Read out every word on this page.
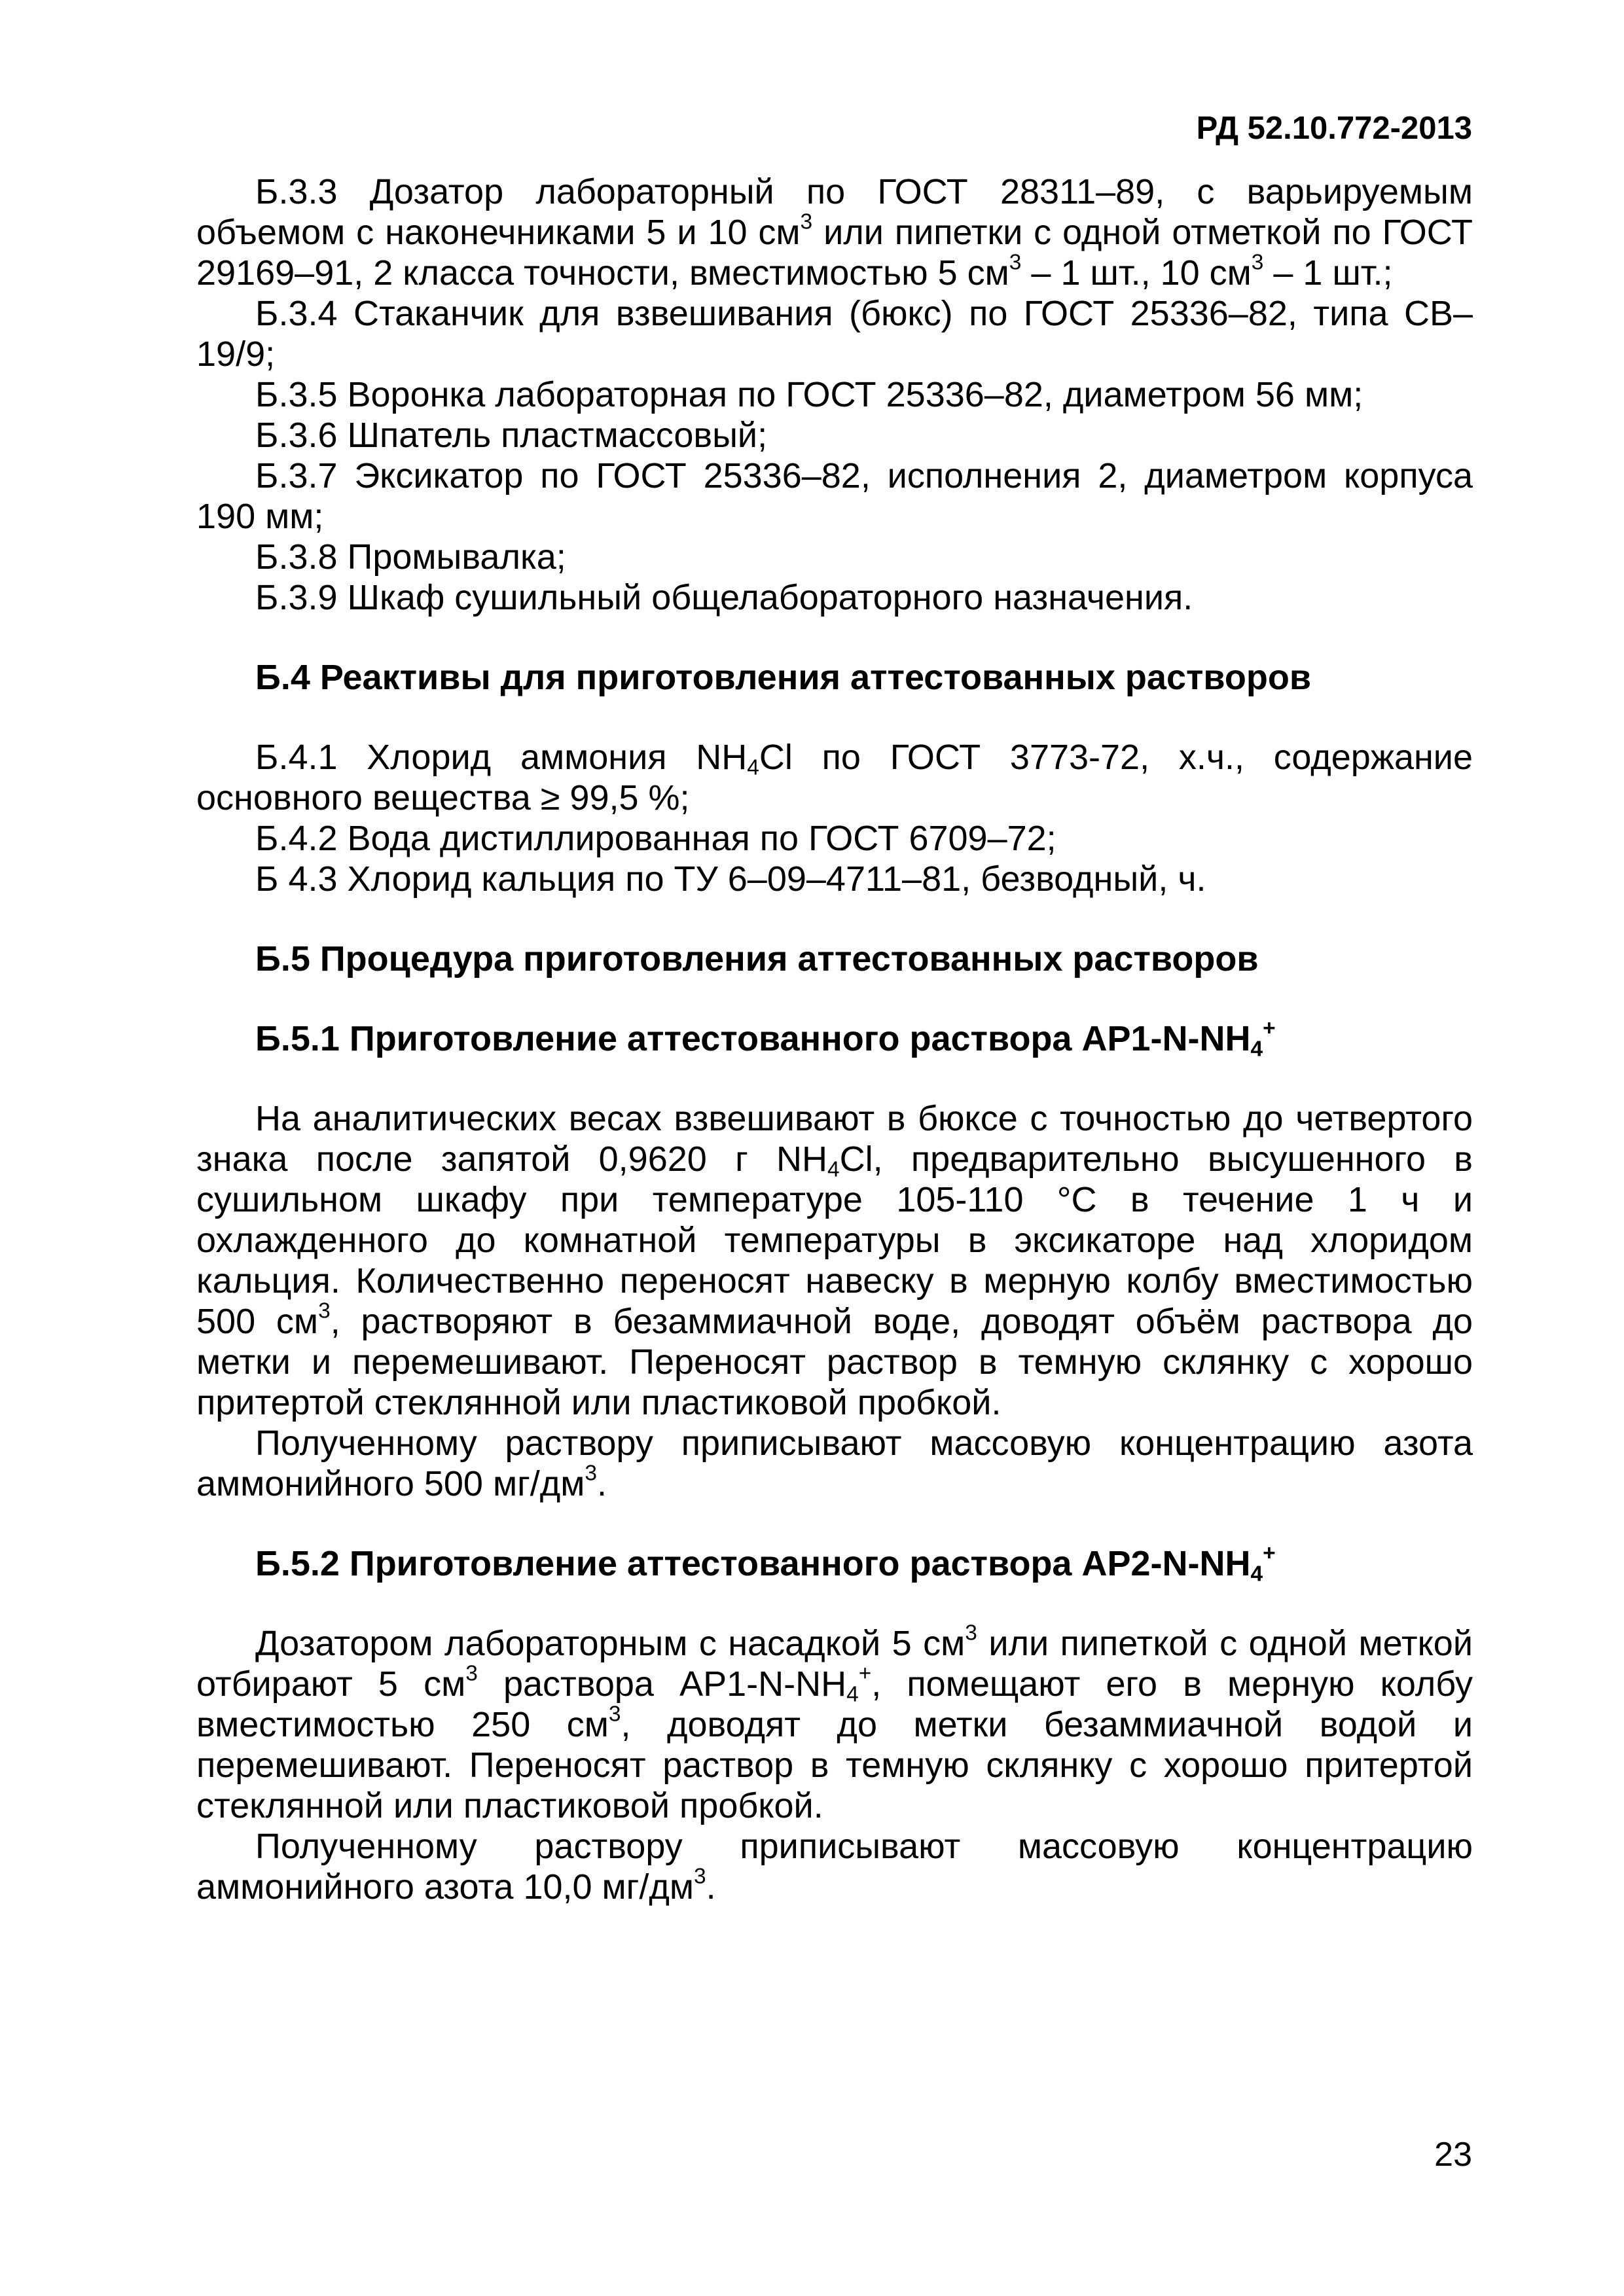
РД 52.10.772-2013

Б.3.3 Дозатор лабораторный по ГОСТ 28311–89, с варьируемым объемом с наконечниками 5 и 10 $см^3$ или пипетки с одной отметкой по ГОСТ 29169–91, 2 класса точности, вместимостью 5 $см^3 - 1$ шт., 10 $см^3 - 1$ шт.;

Б.3.4 Стаканчик для взвешивания (бюкс) по ГОСТ 25336–82, типа СВ–19/9;

Б.3.5 Воронка лабораторная по ГОСТ 25336–82, диаметром 56 мм;

Б.3.6 Шпатель пластмассовый;

Б.3.7 Эксикатор по ГОСТ 25336–82, исполнения 2, диаметром корпуса 190 мм;

Б.3.8 Промывалка;

Б.3.9 Шкаф сушильный общелабораторного назначения.

Б.4 Реактивы для приготовления аттестованных растворов

Б.4.1 Хлорид аммония $NH_4Cl$ по ГОСТ 3773-72, х.ч., содержание основного вещества ≥ 99,5 %;

Б.4.2 Вода дистиллированная по ГОСТ 6709–72;

Б 4.3 Хлорид кальция по ТУ 6–09–4711–81, безводный, ч.

Б.5 Процедура приготовления аттестованных растворов

Б.5.1 Приготовление аттестованного раствора $АР1-N-NH_4^+$

На аналитических весах взвешивают в бюксе с точностью до четвертого знака после запятой 0,9620 г $NH_4Cl$, предварительно высушенного в сушильном шкафу при температуре 105-110 °С в течение 1 ч и охлажденного до комнатной температуры в эксикаторе над хлоридом кальция. Количественно переносят навеску в мерную колбу вместимостью 500 $см^3$, растворяют в безаммиачной воде, доводят объём раствора до метки и перемешивают. Переносят раствор в темную склянку с хорошо притертой стеклянной или пластиковой пробкой.

Полученному раствору приписывают массовую концентрацию азота аммонийного 500 $мг/дм^3$.

Б.5.2 Приготовление аттестованного раствора $АР2-N-NH_4^+$

Дозатором лабораторным с насадкой 5 $см^3$ или пипеткой с одной меткой отбирают 5 $см^3$ раствора $АР1-N-NH_4^+$, помещают его в мерную колбу вместимостью 250 $см^3$, доводят до метки безаммиачной водой и перемешивают. Переносят раствор в темную склянку с хорошо притертой стеклянной или пластиковой пробкой.

Полученному раствору приписывают массовую концентрацию аммонийного азота 10,0 $мг/дм^3$.

23
